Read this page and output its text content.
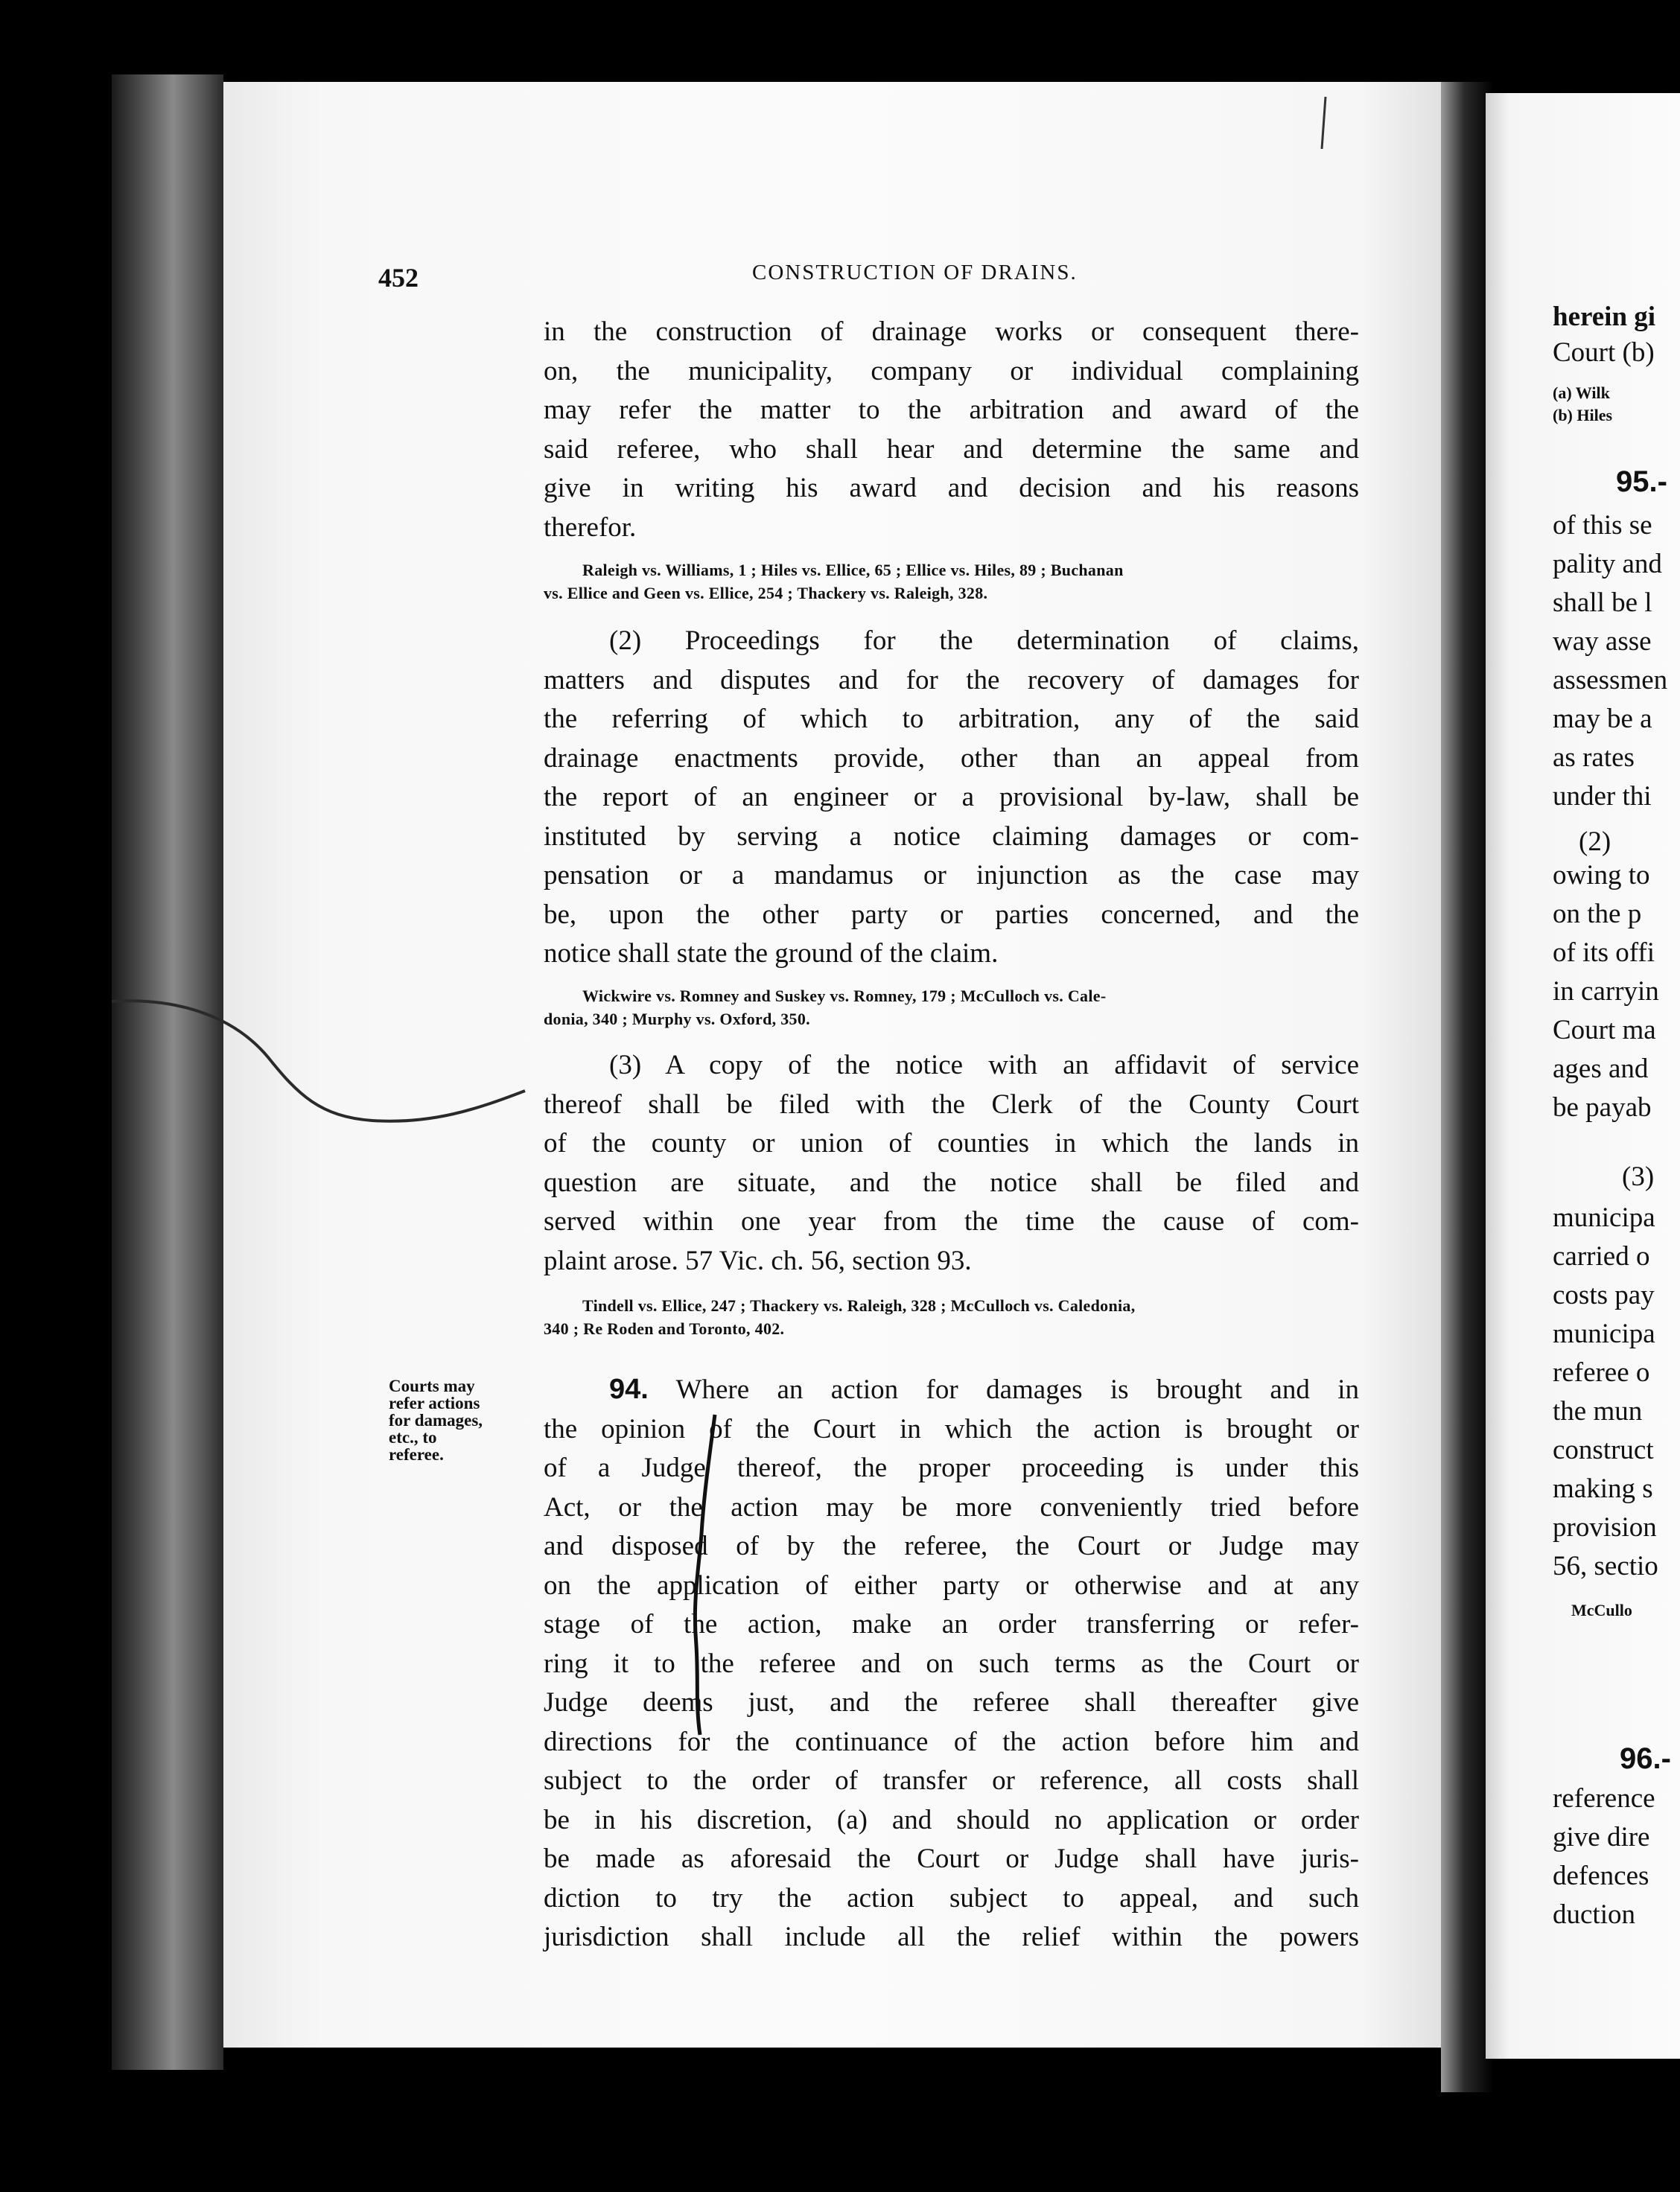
452	CONSTRUCTION OF DRAINS.
in the construction of drainage works or consequent there-
on, the municipality, company or individual complaining
may refer the matter to the arbitration and award of the
said referee, who shall hear and determine the same and
give in writing his award and decision and his reasons
therefor.
Raleigh vs. Williams, 1 ; Hiles vs. Ellice, 65 ; Ellice vs. Hiles, 89 ; Buchanan
vs. Ellice and Geen vs. Ellice, 254 ; Thackery vs. Raleigh, 328.
(2) Proceedings for the determination of claims,
matters and disputes and for the recovery of damages for
the referring of which to arbitration, any of the said
drainage enactments provide, other than an appeal from
the report of an engineer or a provisional by-law, shall be
instituted by serving a notice claiming damages or com-
pensation or a mandamus or injunction as the case may
be, upon the other party or parties concerned, and the
notice shall state the ground of the claim.
Wickwire vs. Romney and Suskey vs. Romney, 179 ; McCulloch vs. Cale-
donia, 340 ; Murphy vs. Oxford, 350.
(3) A copy of the notice with an affidavit of service
thereof shall be filed with the Clerk of the County Court
of the county or union of counties in which the lands in
question are situate, and the notice shall be filed and
served within one year from the time the cause of com-
plaint arose. 57 Vic. ch. 56, section 93.
Tindell vs. Ellice, 247 ; Thackery vs. Raleigh, 328 ; McCulloch vs. Caledonia,
340 ; Re Roden and Toronto, 402.
Courts may
refer actions
for damages,
etc., to
referee.
94. Where an action for damages is brought and in
the opinion of the Court in which the action is brought or
of a Judge thereof, the proper proceeding is under this
Act, or the action may be more conveniently tried before
and disposed of by the referee, the Court or Judge may
on the application of either party or otherwise and at any
stage of the action, make an order transferring or refer-
ring it to the referee and on such terms as the Court or
Judge deems just, and the referee shall thereafter give
directions for the continuance of the action before him and
subject to the order of transfer or reference, all costs shall
be in his discretion, (a) and should no application or order
be made as aforesaid the Court or Judge shall have juris-
diction to try the action subject to appeal, and such
jurisdiction shall include all the relief within the powers
herein gi
Court (b)
(a) Wilk
(b) Hiles
95.-
of this se
pality and
shall be l
way asse
assessmen
may be a
as rates
under thi
(2)
owing to
on the p
of its offi
in carryin
Court ma
ages and
be payab
(3)
municipa
carried o
costs pay
municipa
referee o
the mun
construct
making s
provision
56, sectio
McCullo
96.-
reference
give dire
defences
duction
